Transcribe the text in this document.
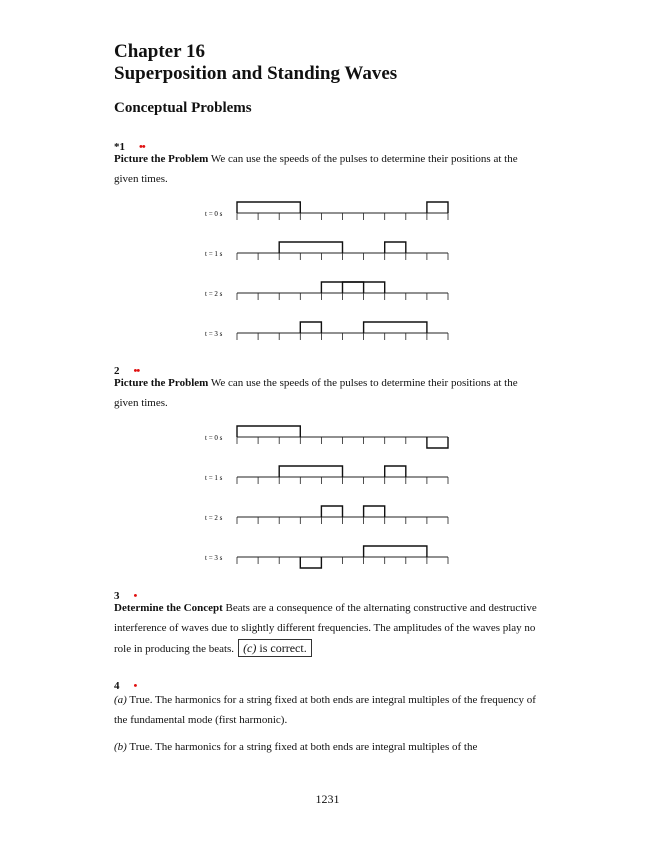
Chapter 16
Superposition and Standing Waves
Conceptual Problems
*1 ••
Picture the Problem We can use the speeds of the pulses to determine their positions at the given times.
t = 0 s
t = 1 s
t = 2 s
t = 3 s
2 ••
Picture the Problem We can use the speeds of the pulses to determine their positions at the given times.
t = 0 s
t = 1 s
t = 2 s
t = 3 s
3 •
Determine the Concept Beats are a consequence of the alternating constructive and destructive interference of waves due to slightly different frequencies. The amplitudes of the waves play no role in producing the beats. (c) is correct.
4 •
(a) True. The harmonics for a string fixed at both ends are integral multiples of the frequency of the fundamental mode (first harmonic).
(b) True. The harmonics for a string fixed at both ends are integral multiples of the
1231
